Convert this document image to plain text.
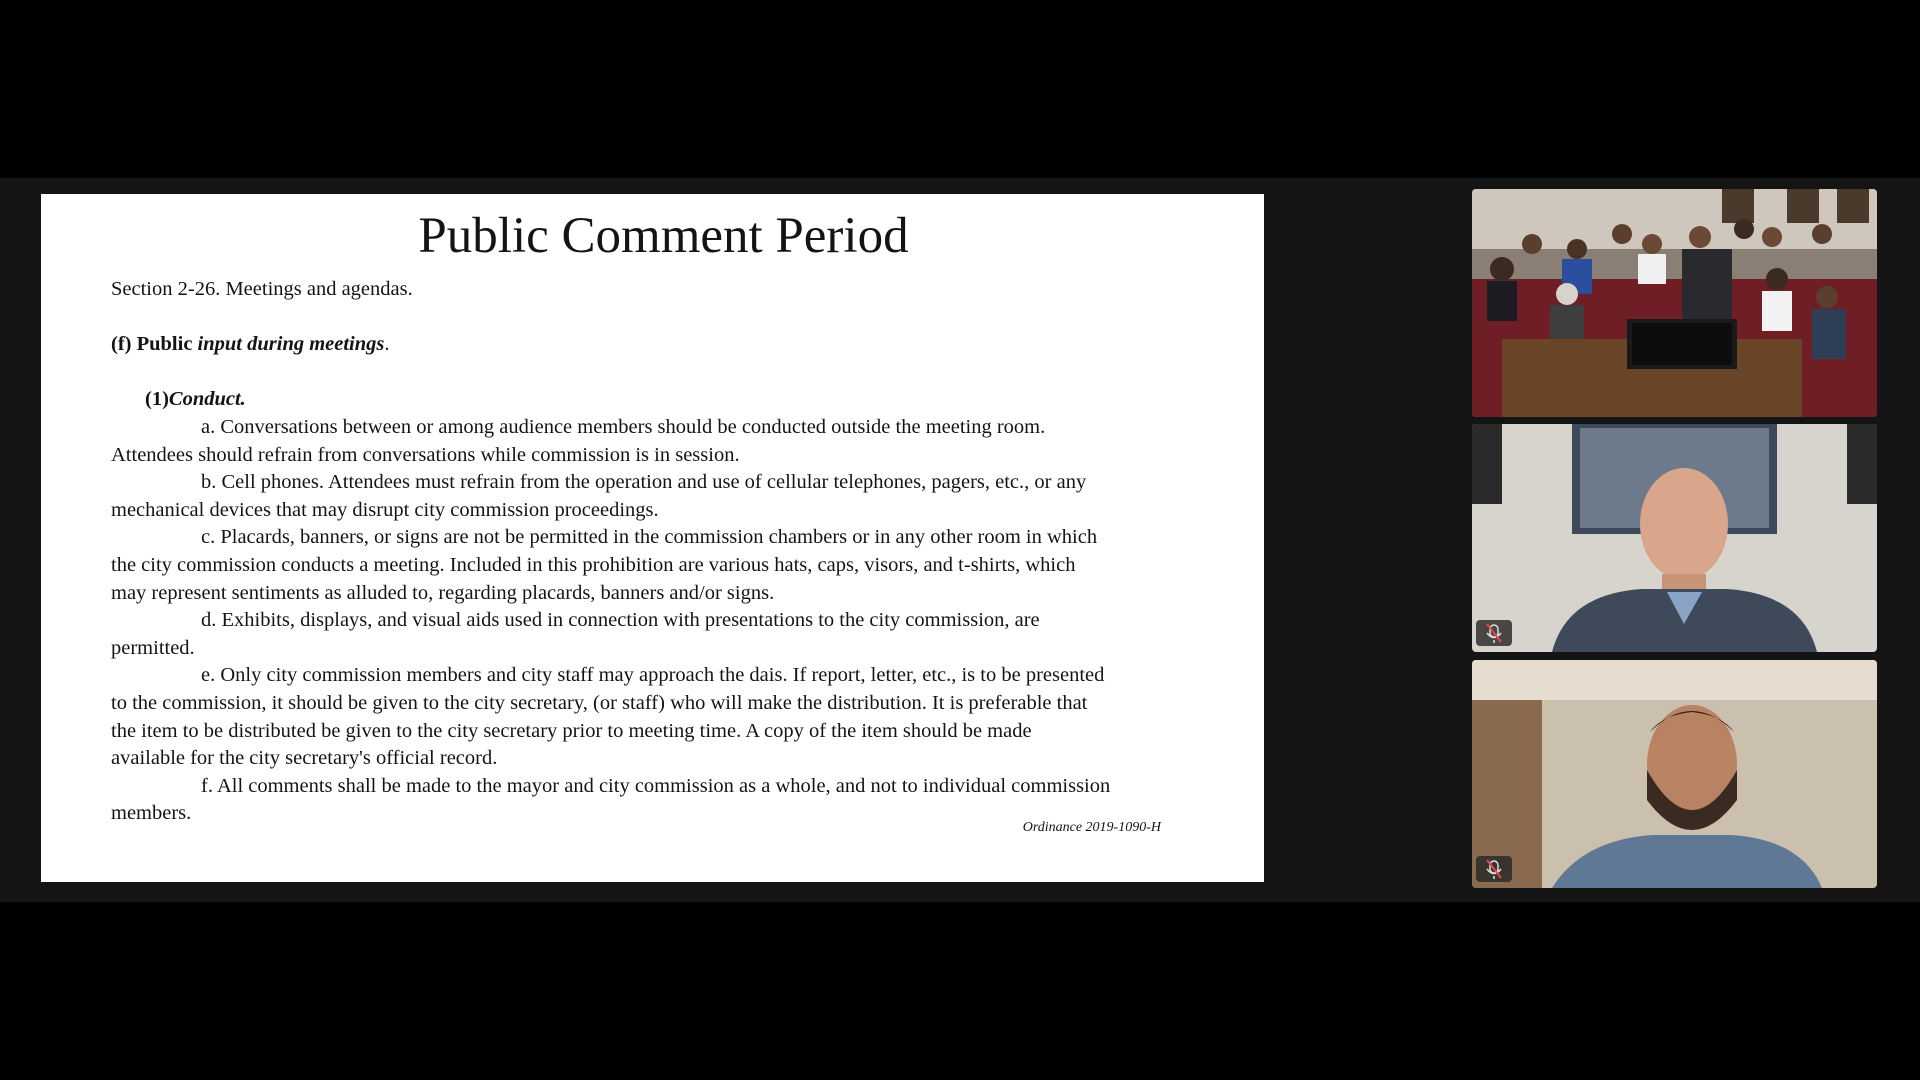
Public Comment Period
Section 2-26. Meetings and agendas.
(f) Public input during meetings.
(1)Conduct.
a. Conversations between or among audience members should be conducted outside the meeting room.
Attendees should refrain from conversations while commission is in session.
b. Cell phones. Attendees must refrain from the operation and use of cellular telephones, pagers, etc., or any
mechanical devices that may disrupt city commission proceedings.
c. Placards, banners, or signs are not be permitted in the commission chambers or in any other room in which
the city commission conducts a meeting. Included in this prohibition are various hats, caps, visors, and t-shirts, which
may represent sentiments as alluded to, regarding placards, banners and/or signs.
d. Exhibits, displays, and visual aids used in connection with presentations to the city commission, are
permitted.
e. Only city commission members and city staff may approach the dais. If report, letter, etc., is to be presented
to the commission, it should be given to the city secretary, (or staff) who will make the distribution. It is preferable that
the item to be distributed be given to the city secretary prior to meeting time. A copy of the item should be made
available for the city secretary's official record.
f. All comments shall be made to the mayor and city commission as a whole, and not to individual commission
members.
Ordinance 2019-1090-H
